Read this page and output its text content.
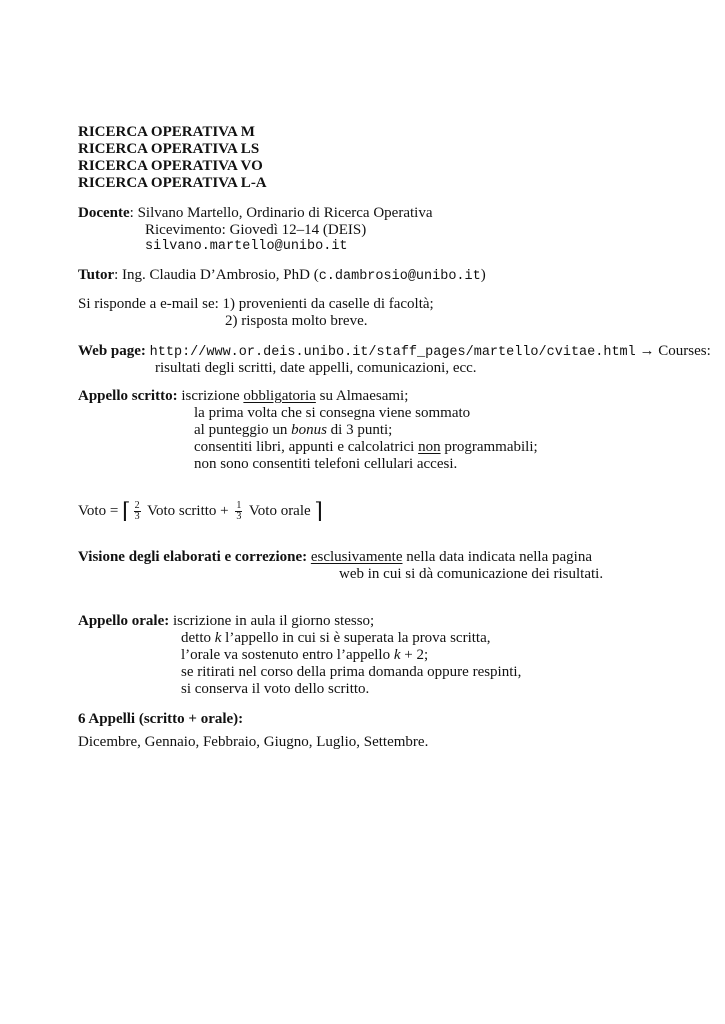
RICERCA OPERATIVA M
RICERCA OPERATIVA LS
RICERCA OPERATIVA VO
RICERCA OPERATIVA L-A
Docente: Silvano Martello, Ordinario di Ricerca Operativa
Ricevimento: Giovedì 12–14 (DEIS)
silvano.martello@unibo.it
Tutor: Ing. Claudia D’Ambrosio, PhD (c.dambrosio@unibo.it)
Si risponde a e-mail se: 1) provenienti da caselle di facoltà;
2) risposta molto breve.
Web page: http://www.or.deis.unibo.it/staff_pages/martello/cvitae.html → Courses:
risultati degli scritti, date appelli, comunicazioni, ecc.
Appello scritto: iscrizione obbligatoria su Almaesami;
la prima volta che si consegna viene sommato
al punteggio un bonus di 3 punti;
consentiti libri, appunti e calcolatrici non programmabili;
non sono consentiti telefoni cellulari accesi.
Voto = ⌈ $\frac{2}{3}$ Voto scritto + $\frac{1}{3}$ Voto orale ⌉
Visione degli elaborati e correzione: esclusivamente nella data indicata nella pagina
web in cui si dà comunicazione dei risultati.
Appello orale: iscrizione in aula il giorno stesso;
detto k l’appello in cui si è superata la prova scritta,
l’orale va sostenuto entro l’appello k + 2;
se ritirati nel corso della prima domanda oppure respinti,
si conserva il voto dello scritto.
6 Appelli (scritto + orale):
Dicembre, Gennaio, Febbraio, Giugno, Luglio, Settembre.
